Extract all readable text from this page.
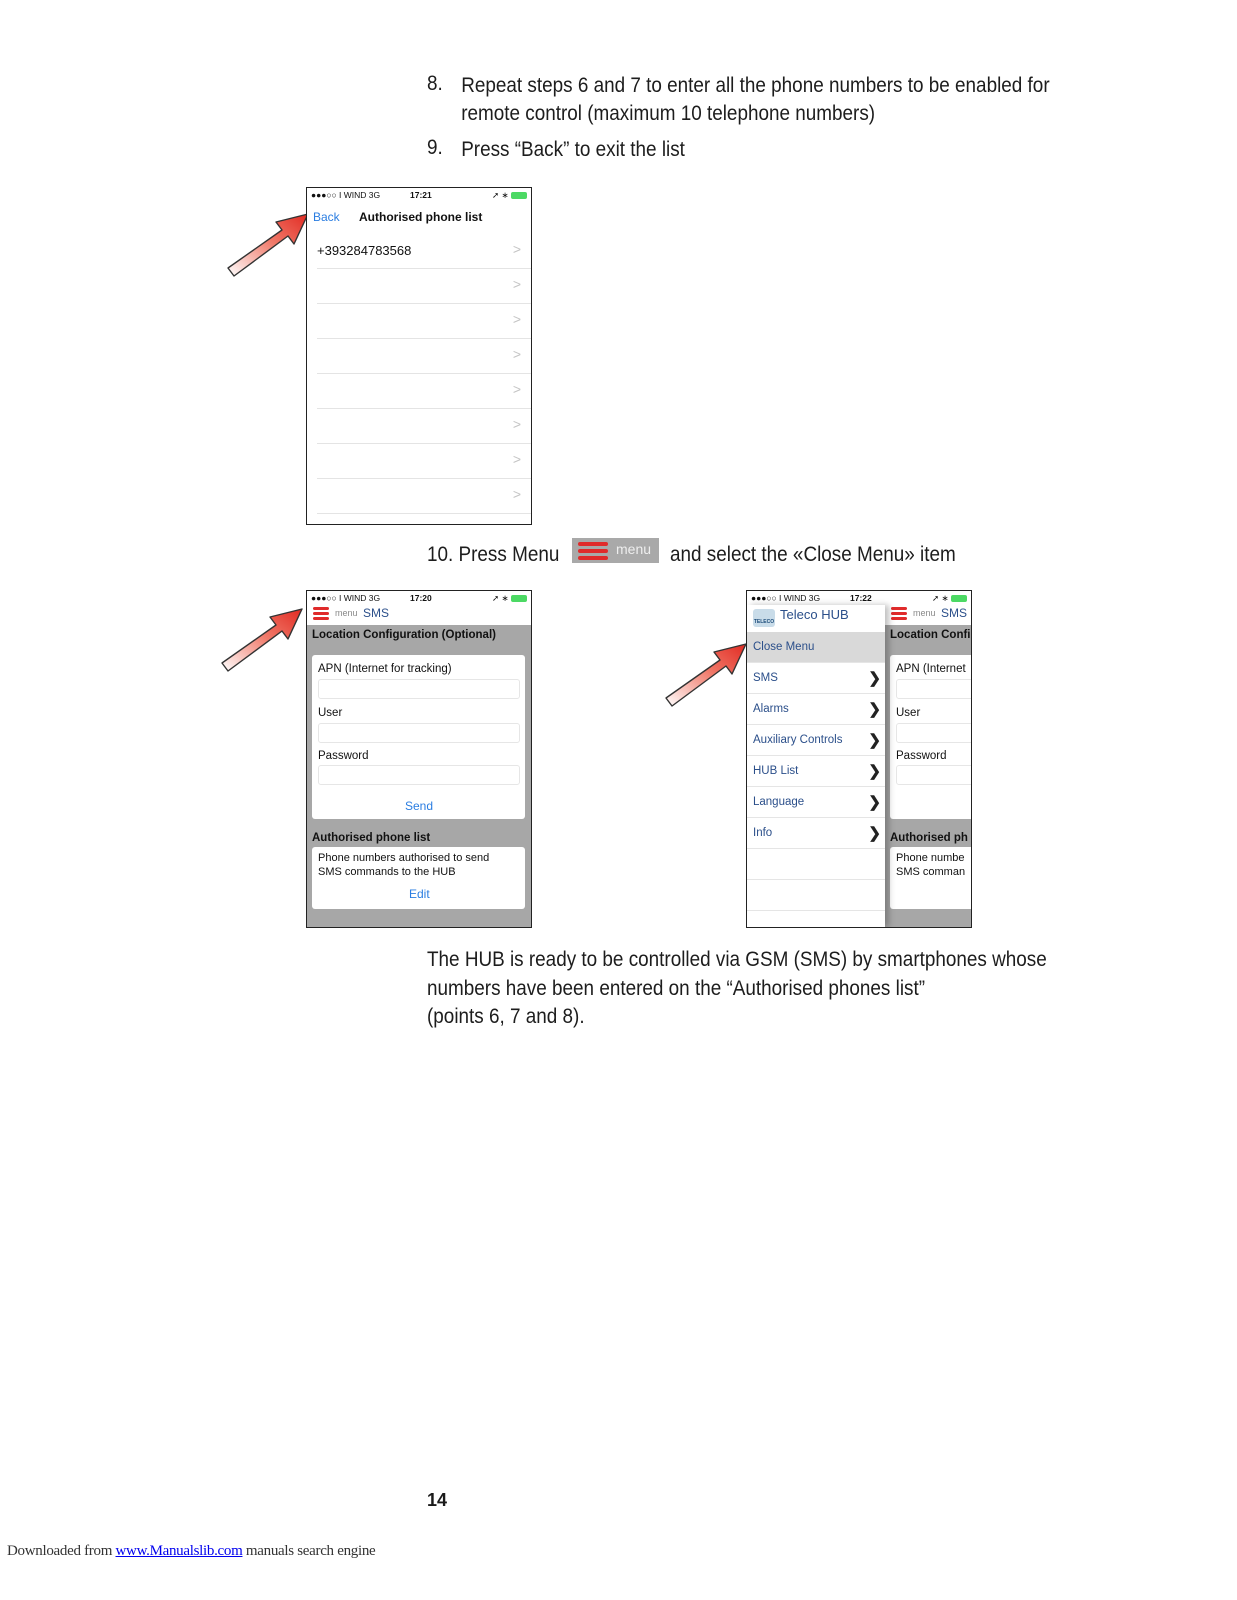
8. Repeat steps 6 and 7 to enter all the phone numbers to be enabled for
remote control (maximum 10 telephone numbers)
9. Press “Back” to exit the list
●●●○○ I WIND 3G	17:21	➚ ∗
Back Authorised phone list
+393284783568	>
>
>
>
>
>
>
>
10. Press Menu	menu and select the «Close Menu» item
●●●○○ I WIND 3G	17:20	➚ ∗
menu SMS
Location Configuration (Optional)
APN (Internet for tracking)
User
Password
Send
Authorised phone list
Phone numbers authorised to send
SMS commands to the HUB
Edit
●●●○○ I WIND 3G	17:22	➚ ∗
menu SMS
Location Confi
APN (Internet
User
Password
Authorised ph
Phone numbe
SMS comman
TELECO Teleco HUB
Close Menu
SMS	❯
Alarms	❯
Auxiliary Controls ❯
HUB List	❯
Language	❯
Info	❯
The HUB is ready to be controlled via GSM (SMS) by smartphones whose
numbers have been entered on the “Authorised phones list”
(points 6, 7 and 8).
14
Downloaded from www.Manualslib.com manuals search engine
